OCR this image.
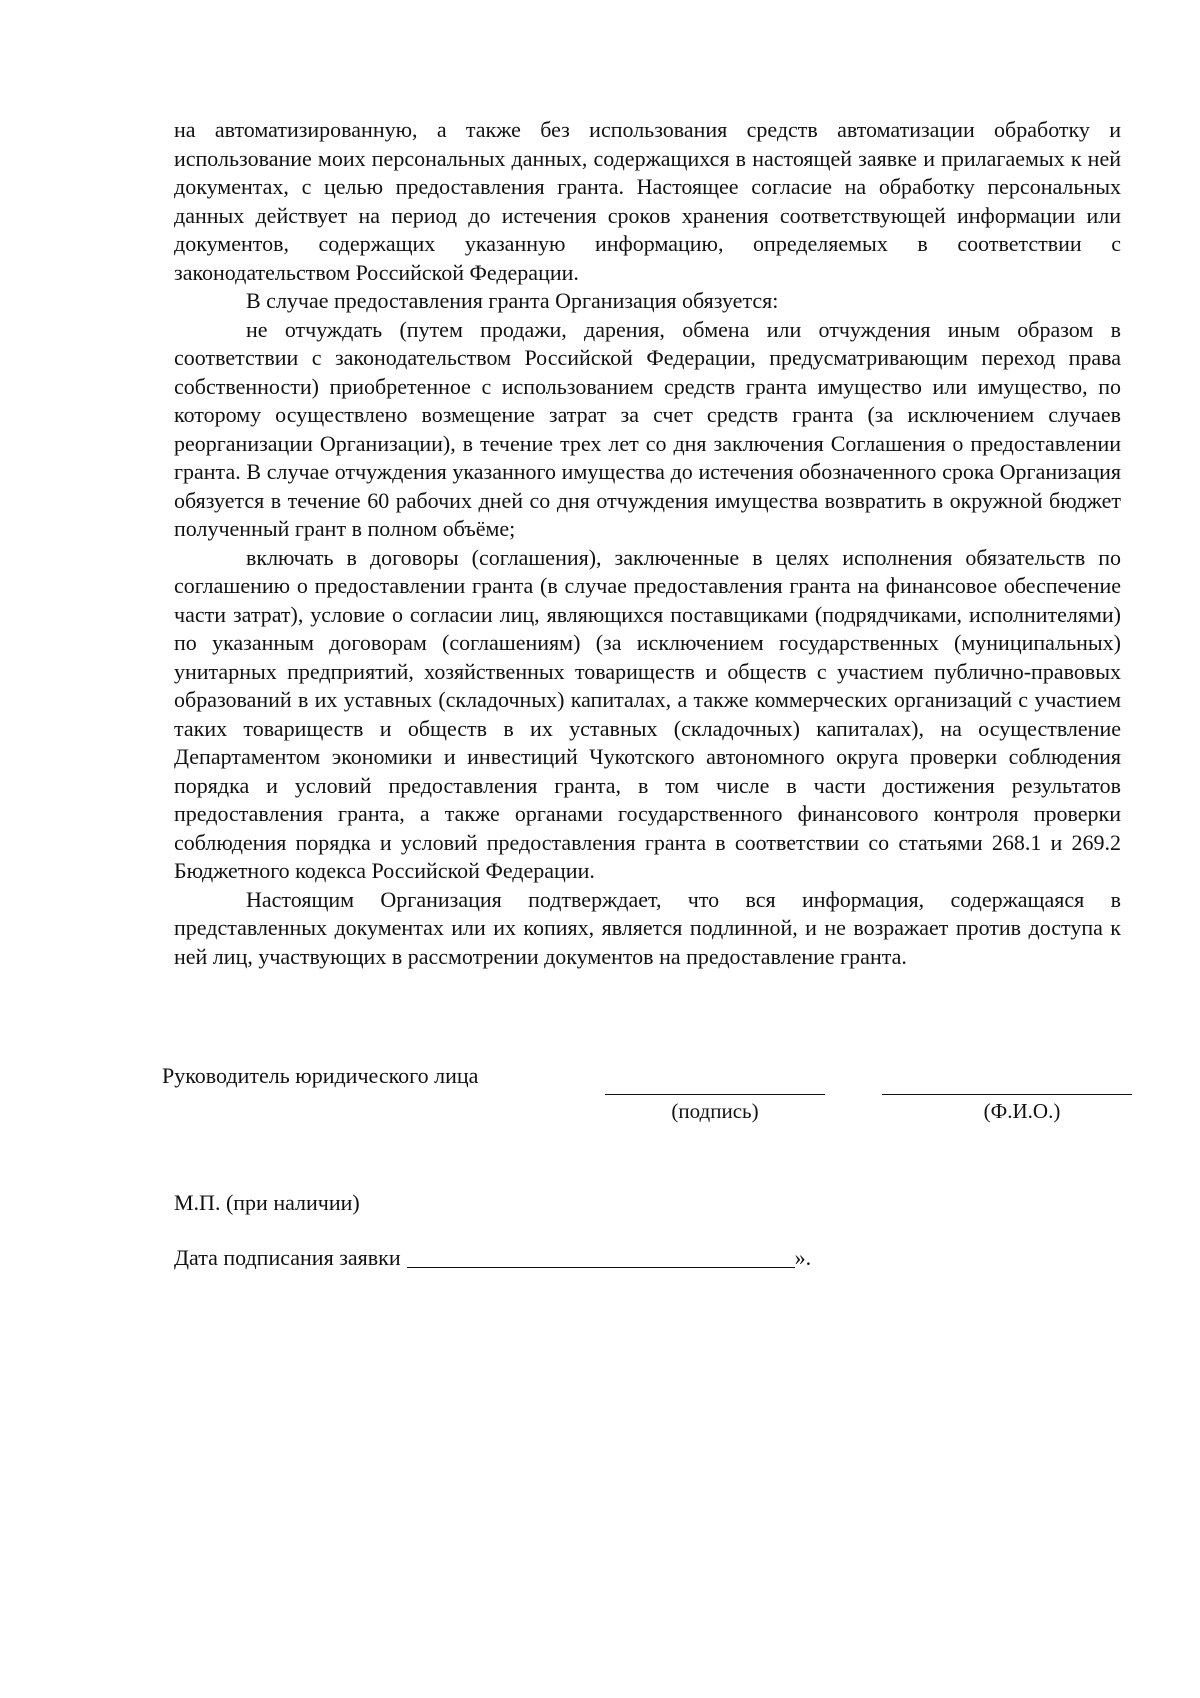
на автоматизированную, а также без использования средств автоматизации обработку и использование моих персональных данных, содержащихся в настоящей заявке и прилагаемых к ней документах, с целью предоставления гранта. Настоящее согласие на обработку персональных данных действует на период до истечения сроков хранения соответствующей информации или документов, содержащих указанную информацию, определяемых в соответствии с законодательством Российской Федерации.

В случае предоставления гранта Организация обязуется:

не отчуждать (путем продажи, дарения, обмена или отчуждения иным образом в соответствии с законодательством Российской Федерации, предусматривающим переход права собственности) приобретенное с использованием средств гранта имущество или имущество, по которому осуществлено возмещение затрат за счет средств гранта (за исключением случаев реорганизации Организации), в течение трех лет со дня заключения Соглашения о предоставлении гранта. В случае отчуждения указанного имущества до истечения обозначенного срока Организация обязуется в течение 60 рабочих дней со дня отчуждения имущества возвратить в окружной бюджет полученный грант в полном объёме;

включать в договоры (соглашения), заключенные в целях исполнения обязательств по соглашению о предоставлении гранта (в случае предоставления гранта на финансовое обеспечение части затрат), условие о согласии лиц, являющихся поставщиками (подрядчиками, исполнителями) по указанным договорам (соглашениям) (за исключением государственных (муниципальных) унитарных предприятий, хозяйственных товариществ и обществ с участием публично-правовых образований в их уставных (складочных) капиталах, а также коммерческих организаций с участием таких товариществ и обществ в их уставных (складочных) капиталах), на осуществление Департаментом экономики и инвестиций Чукотского автономного округа проверки соблюдения порядка и условий предоставления гранта, в том числе в части достижения результатов предоставления гранта, а также органами государственного финансового контроля проверки соблюдения порядка и условий предоставления гранта в соответствии со статьями 268.1 и 269.2 Бюджетного кодекса Российской Федерации.

Настоящим Организация подтверждает, что вся информация, содержащаяся в представленных документах или их копиях, является подлинной, и не возражает против доступа к ней лиц, участвующих в рассмотрении документов на предоставление гранта.

Руководитель юридического лица
(подпись)	(Ф.И.О.)
М.П. (при наличии)
Дата подписания заявки	».
